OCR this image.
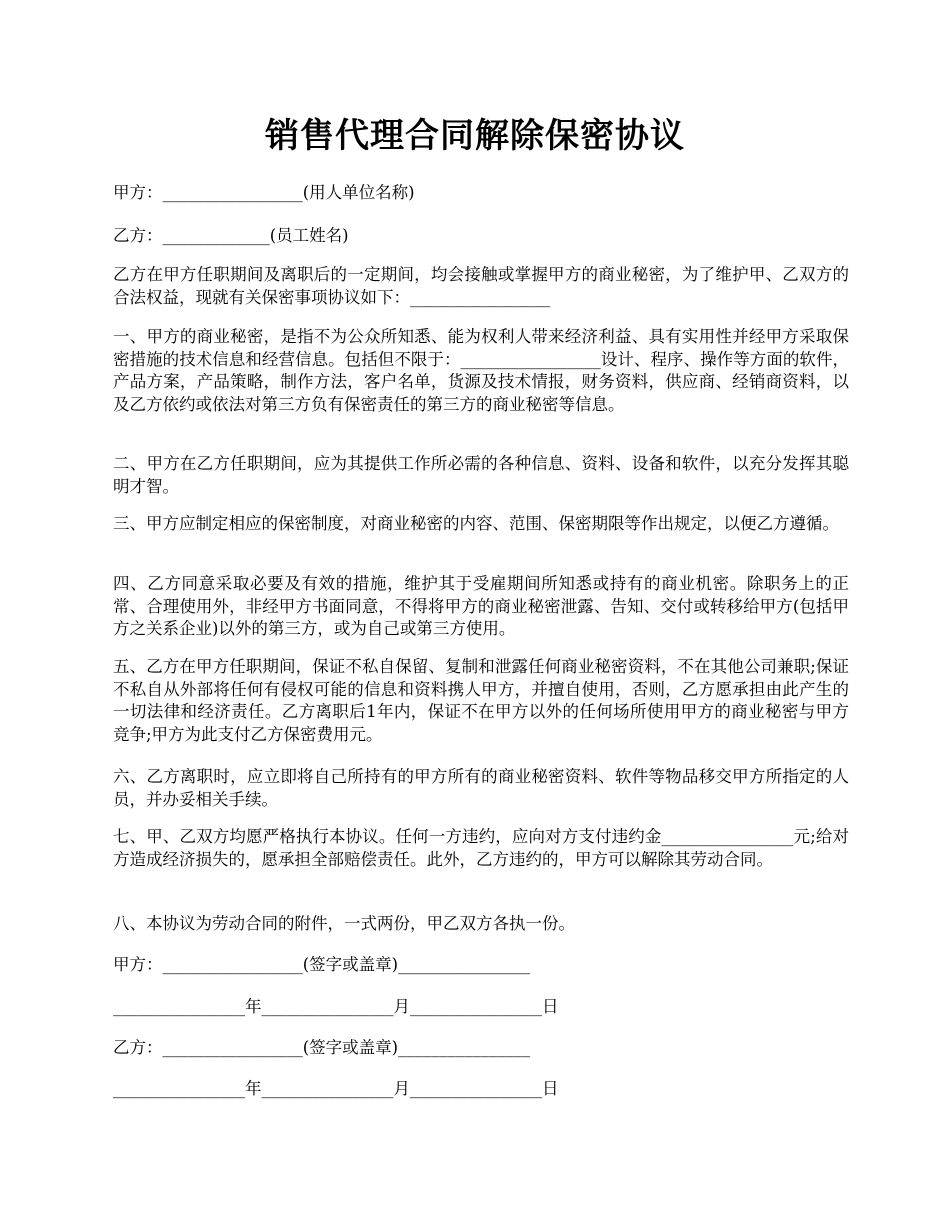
销售代理合同解除保密协议
甲方：_________________(用人单位名称)
乙方：_____________(员工姓名)
乙方在甲方任职期间及离职后的一定期间，均会接触或掌握甲方的商业秘密，为了维护甲、乙双方的合法权益，现就有关保密事项协议如下：_________________
一、甲方的商业秘密，是指不为公众所知悉、能为权利人带来经济利益、具有实用性并经甲方采取保密措施的技术信息和经营信息。包括但不限于：_________________设计、程序、操作等方面的软件，产品方案，产品策略，制作方法，客户名单，货源及技术情报，财务资料，供应商、经销商资料，以及乙方依约或依法对第三方负有保密责任的第三方的商业秘密等信息。
二、甲方在乙方任职期间，应为其提供工作所必需的各种信息、资料、设备和软件，以充分发挥其聪明才智。
三、甲方应制定相应的保密制度，对商业秘密的内容、范围、保密期限等作出规定，以便乙方遵循。
四、乙方同意采取必要及有效的措施，维护其于受雇期间所知悉或持有的商业机密。除职务上的正常、合理使用外，非经甲方书面同意，不得将甲方的商业秘密泄露、告知、交付或转移给甲方(包括甲方之关系企业)以外的第三方，或为自己或第三方使用。
五、乙方在甲方任职期间，保证不私自保留、复制和泄露任何商业秘密资料，不在其他公司兼职;保证不私自从外部将任何有侵权可能的信息和资料携人甲方，并擅自使用，否则，乙方愿承担由此产生的一切法律和经济责任。乙方离职后1年内，保证不在甲方以外的任何场所使用甲方的商业秘密与甲方竞争;甲方为此支付乙方保密费用元。
六、乙方离职时，应立即将自己所持有的甲方所有的商业秘密资料、软件等物品移交甲方所指定的人员，并办妥相关手续。
七、甲、乙双方均愿严格执行本协议。任何一方违约，应向对方支付违约金________________元;给对方造成经济损失的，愿承担全部赔偿责任。此外，乙方违约的，甲方可以解除其劳动合同。
八、本协议为劳动合同的附件，一式两份，甲乙双方各执一份。
甲方：_________________(签字或盖章)________________
________________年________________月________________日
乙方：_________________(签字或盖章)________________
________________年________________月________________日
